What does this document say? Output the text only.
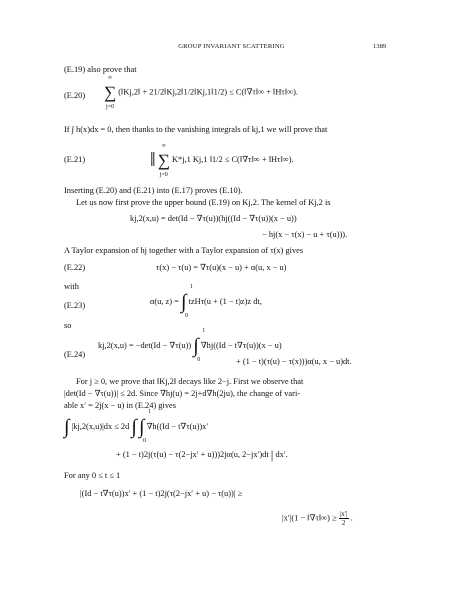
GROUP INVARIANT SCATTERING	1389
(E.19) also prove that
(E.20)
∞
∑
j=0
(‖Kj,2‖ + 21/2‖Kj,2‖1/2‖Kj,1‖1/2) ≤ C(‖∇τ‖∞ + ‖Hτ‖∞).
If ∫ h(x)dx = 0, then thanks to the vanishing integrals of kj,1 we will prove that
(E.21)	‖
∞
∑
j=0
K*j,1 Kj,1 ‖1/2 ≤ C(‖∇τ‖∞ + ‖Hτ‖∞).
Inserting (E.20) and (E.21) into (E.17) proves (E.10).
Let us now first prove the upper bound (E.19) on Kj,2. The kernel of Kj,2 is
kj,2(x,u) = det(Id − ∇τ(u))(hj((Id − ∇τ(u))(x − u))
− hj(x − τ(x) − u + τ(u))).
A Taylor expansion of hj together with a Taylor expansion of τ(x) gives
(E.22)	τ(x) − τ(u) = ∇τ(u)(x − u) + α(u, x − u)
with
(E.23)	α(u, z) =
1
∫
0
tzHτ(u + (1 − t)z)z dt,
so
(E.24)
kj,2(x,u) = −det(Id − ∇τ(u))
1
∫
0
∇hj((Id − t∇τ(u))(x − u)
+ (1 − t)(τ(u) − τ(x)))α(u, x − u)dt.
For j ≥ 0, we prove that ‖Kj,2‖ decays like 2−j. First we observe that
|det(Id − ∇τ(u))| ≤ 2d. Since ∇hj(u) = 2j+d∇h(2ju), the change of vari-
able x′ = 2j(x − u) in (E.24) gives
∫ |kj,2(x,u)|dx ≤ 2d ∫
1
∫
0
∇h((Id − t∇τ(u))x′
+ (1 − t)2j(τ(u) − τ(2−jx′ + u)))2jα(u, 2−jx′)dt | dx′.
For any 0 ≤ t ≤ 1
|(Id − t∇τ(u))x′ + (1 − t)2j(τ(2−jx′ + u) − τ(u))| ≥
|x′|(1 − ‖∇τ‖∞) ≥ $\frac{|x'|}{2}$ .
